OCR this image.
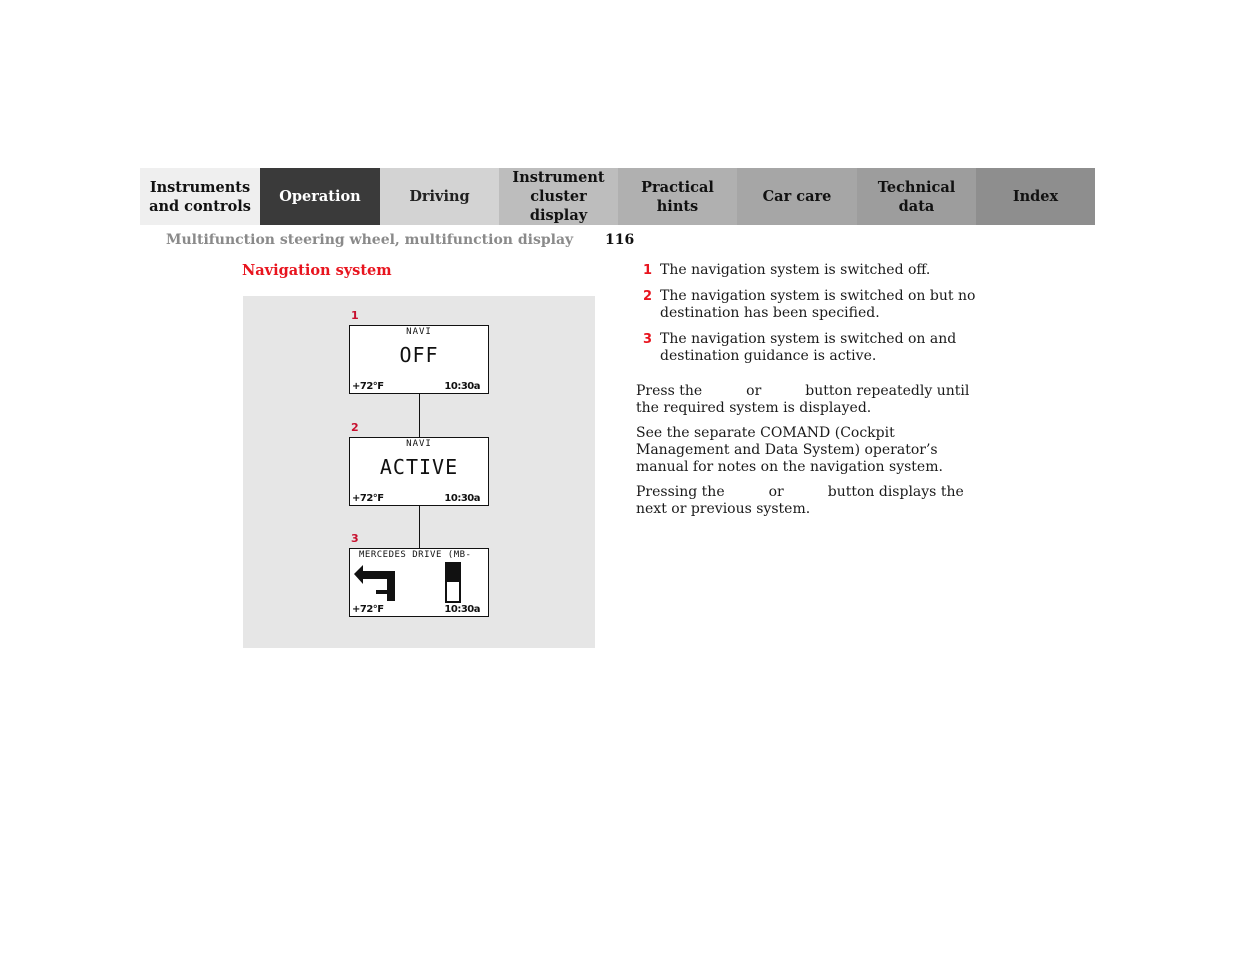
Instruments
and controls
Operation	Driving
Instrument
cluster display
Practical hints
Car care
Technical
data
Index
Multifunction steering wheel, multifunction display 116
Navigation system
1
NAVI
OFF
+72°F	10:30a
2
NAVI
ACTIVE
+72°F	10:30a
3
MERCEDES DRIVE (MB-
+72°F	10:30a
1 The navigation system is switched off.
2 The navigation system is switched on but no destination has been specified.
3 The navigation system is switched on and destination guidance is active.
Press the	or	button repeatedly until the required system is displayed.
See the separate COMAND (Cockpit Management and Data System) operator’s manual for notes on the navigation system.
Pressing the	or	button displays the next or previous system.
